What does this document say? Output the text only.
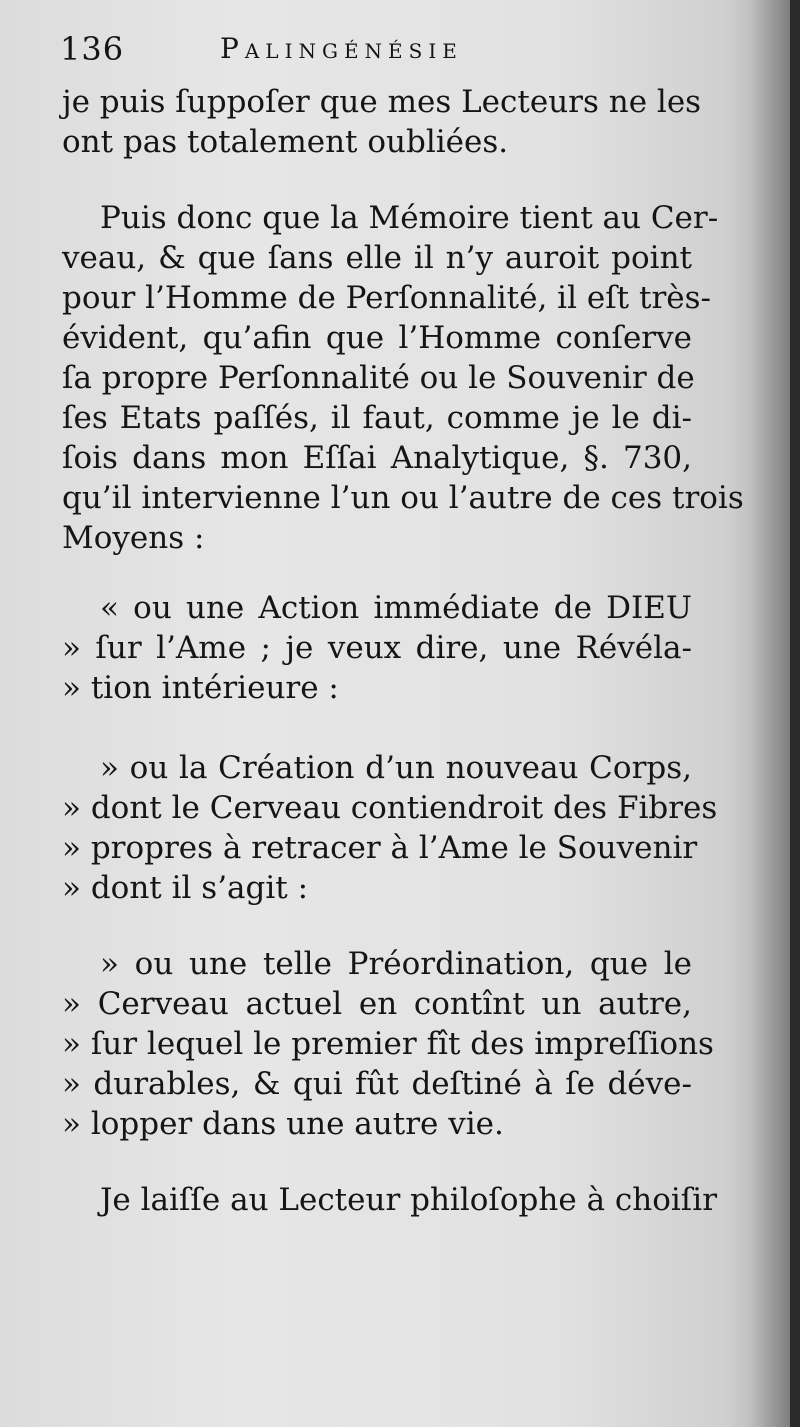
136	Palingénésie
je puis ſuppoſer que mes Lecteurs ne les
ont pas totalement oubliées.
Puis donc que la Mémoire tient au Cer-
veau, & que ſans elle il n’y auroit point
pour l’Homme de Perſonnalité, il eſt très-
évident, qu’afin que l’Homme conſerve
ſa propre Perſonnalité ou le Souvenir de
ſes Etats paſſés, il faut, comme je le di-
ſois dans mon Eſſai Analytique, §. 730,
qu’il intervienne l’un ou l’autre de ces trois
Moyens :
« ou une Action immédiate de DIEU
» ſur l’Ame ; je veux dire, une Révéla-
» tion intérieure :
» ou la Création d’un nouveau Corps,
» dont le Cerveau contiendroit des Fibres
» propres à retracer à l’Ame le Souvenir
» dont il s’agit :
» ou une telle Préordination, que le
» Cerveau actuel en contînt un autre,
» ſur lequel le premier fît des impreſſions
» durables, & qui fût deſtiné à ſe déve-
» lopper dans une autre vie.
Je laiſſe au Lecteur philoſophe à choiſir
